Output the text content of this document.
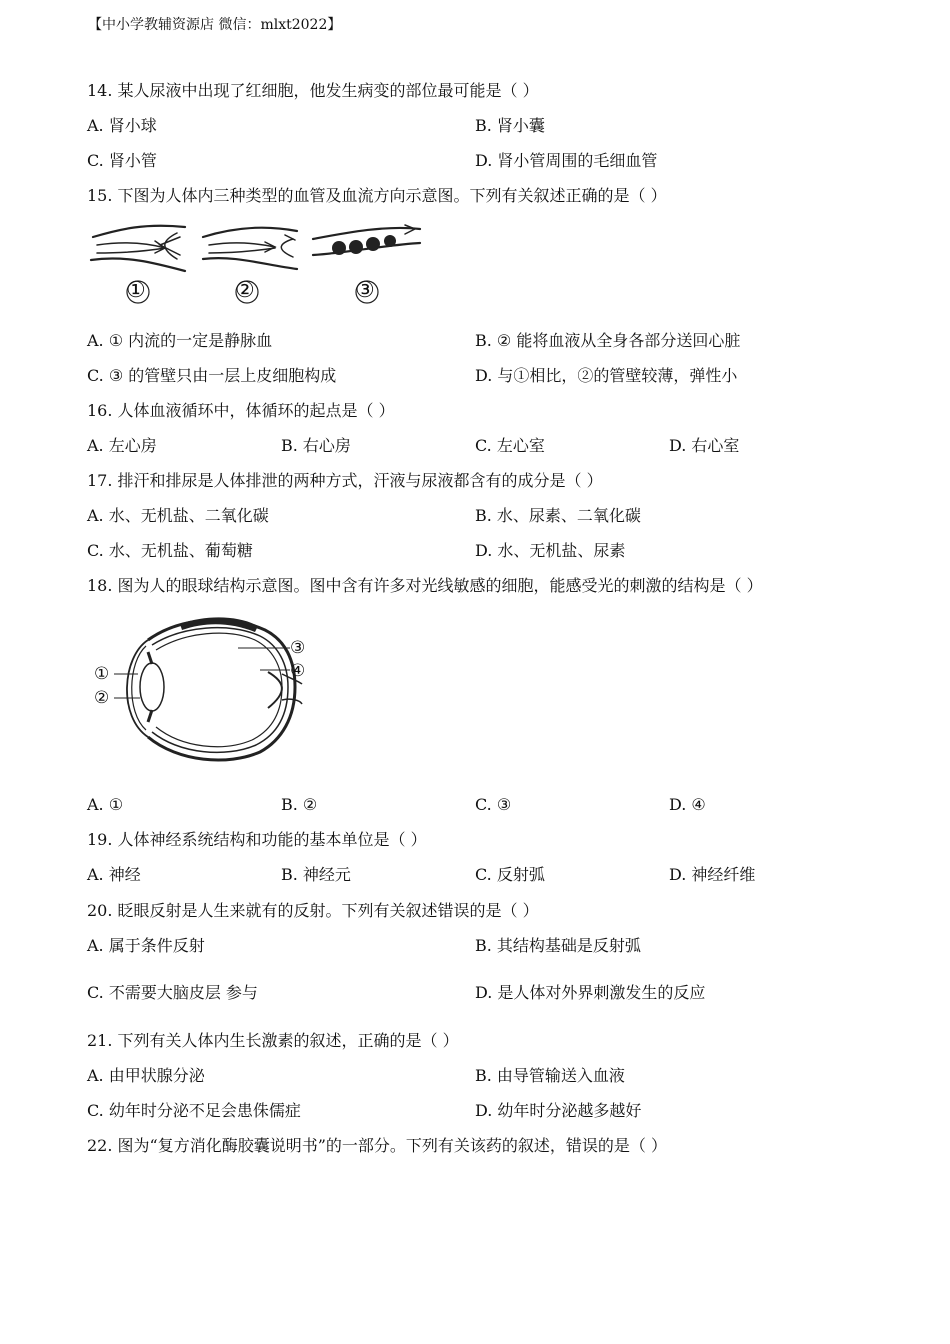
【中小学教辅资源店 微信：mlxt2022】
14. 某人尿液中出现了红细胞，他发生病变的部位最可能是（ ）
A. 肾小球	B. 肾小囊
C. 肾小管	D. 肾小管周围的毛细血管
15. 下图为人体内三种类型的血管及血流方向示意图。下列有关叙述正确的是（ ）
①	②	③
A. ① 内流的一定是静脉血	B. ② 能将血液从全身各部分送回心脏
C. ③ 的管壁只由一层上皮细胞构成	D. 与①相比，②的管壁较薄，弹性小
16. 人体血液循环中，体循环的起点是（ ）
A. 左心房	B. 右心房	C. 左心室	D. 右心室
17. 排汗和排尿是人体排泄的两种方式，汗液与尿液都含有的成分是（ ）
A. 水、无机盐、二氧化碳	B. 水、尿素、二氧化碳
C. 水、无机盐、葡萄糖	D. 水、无机盐、尿素
18. 图为人的眼球结构示意图。图中含有许多对光线敏感的细胞，能感受光的刺激的结构是（ ）
①
②
③
④
A. ①	B. ②	C. ③	D. ④
19. 人体神经系统结构和功能的基本单位是（ ）
A. 神经	B. 神经元	C. 反射弧	D. 神经纤维
20. 眨眼反射是人生来就有的反射。下列有关叙述错误的是（ ）
A. 属于条件反射	B. 其结构基础是反射弧
C. 不需要大脑皮层 参与	D. 是人体对外界刺激发生的反应
21. 下列有关人体内生长激素的叙述，正确的是（ ）
A. 由甲状腺分泌	B. 由导管输送入血液
C. 幼年时分泌不足会患侏儒症	D. 幼年时分泌越多越好
22. 图为“复方消化酶胶囊说明书”的一部分。下列有关该药的叙述，错误的是（ ）
